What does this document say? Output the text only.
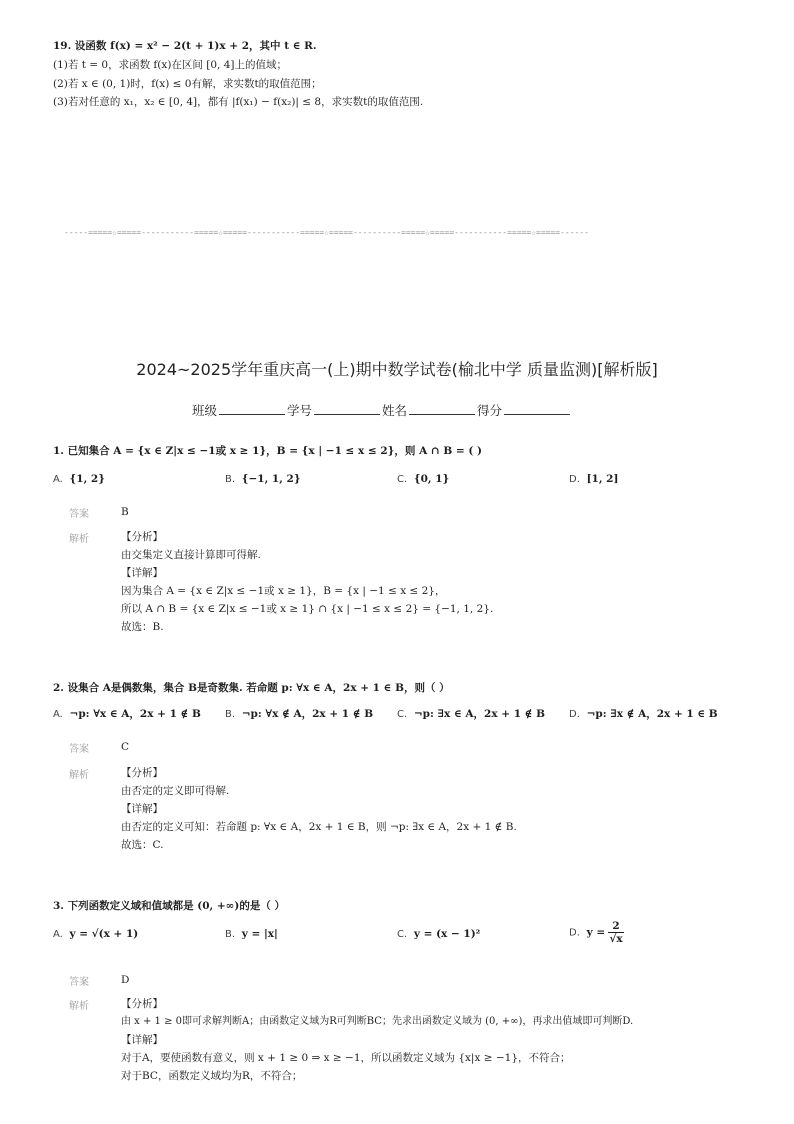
19. 设函数 f(x) = x² − 2(t + 1)x + 2，其中 t ∈ R.
(1)若 t = 0，求函数 f(x)在区间 [0, 4]上的值域；
(2)若 x ∈ (0, 1)时，f(x) ≤ 0有解，求实数t的取值范围；
(3)若对任意的 x₁，x₂ ∈ [0, 4]，都有 |f(x₁) − f(x₂)| ≤ 8，求实数t的取值范围.
-----=====☆=====-----------=====☆=====-----------=====☆=====----------=====☆=====-----------=====☆=====------
2024~2025学年重庆高一(上)期中数学试卷(榆北中学 质量监测)[解析版]
班级	学号	姓名	得分
1. 已知集合 A = {x ∈ Z|x ≤ −1或 x ≥ 1}，B = {x | −1 ≤ x ≤ 2}，则 A ∩ B = ( )
A. {1, 2}	B. {−1, 1, 2}	C. {0, 1}	D. [1, 2]
答案	B
解析	【分析】
由交集定义直接计算即可得解.
【详解】
因为集合 A = {x ∈ Z|x ≤ −1或 x ≥ 1}，B = {x | −1 ≤ x ≤ 2}，
所以 A ∩ B = {x ∈ Z|x ≤ −1或 x ≥ 1} ∩ {x | −1 ≤ x ≤ 2} = {−1, 1, 2}.
故选：B.
2. 设集合 A是偶数集，集合 B是奇数集. 若命题 p: ∀x ∈ A，2x + 1 ∈ B，则（ ）
A. ¬p: ∀x ∈ A，2x + 1 ∉ B B. ¬p: ∀x ∉ A，2x + 1 ∉ B C. ¬p: ∃x ∈ A，2x + 1 ∉ B D. ¬p: ∃x ∉ A，2x + 1 ∈ B
答案	C
解析	【分析】
由否定的定义即可得解.
【详解】
由否定的定义可知：若命题 p: ∀x ∈ A，2x + 1 ∈ B，则 ¬p: ∃x ∈ A，2x + 1 ∉ B.
故选：C.
3. 下列函数定义域和值域都是 (0, +∞)的是（ ）
A. y = √(x + 1)	B. y = |x|	C. y = (x − 1)²	D. $y = \frac{2}{√x}$
答案	D
解析	【分析】
由 x + 1 ≥ 0即可求解判断A；由函数定义域为R可判断BC；先求出函数定义域为 (0, +∞)，再求出值域即可判断D.
【详解】
对于A，要使函数有意义，则 x + 1 ≥ 0 ⇒ x ≥ −1，所以函数定义域为 {x|x ≥ −1}，不符合；
对于BC，函数定义域均为R，不符合；
